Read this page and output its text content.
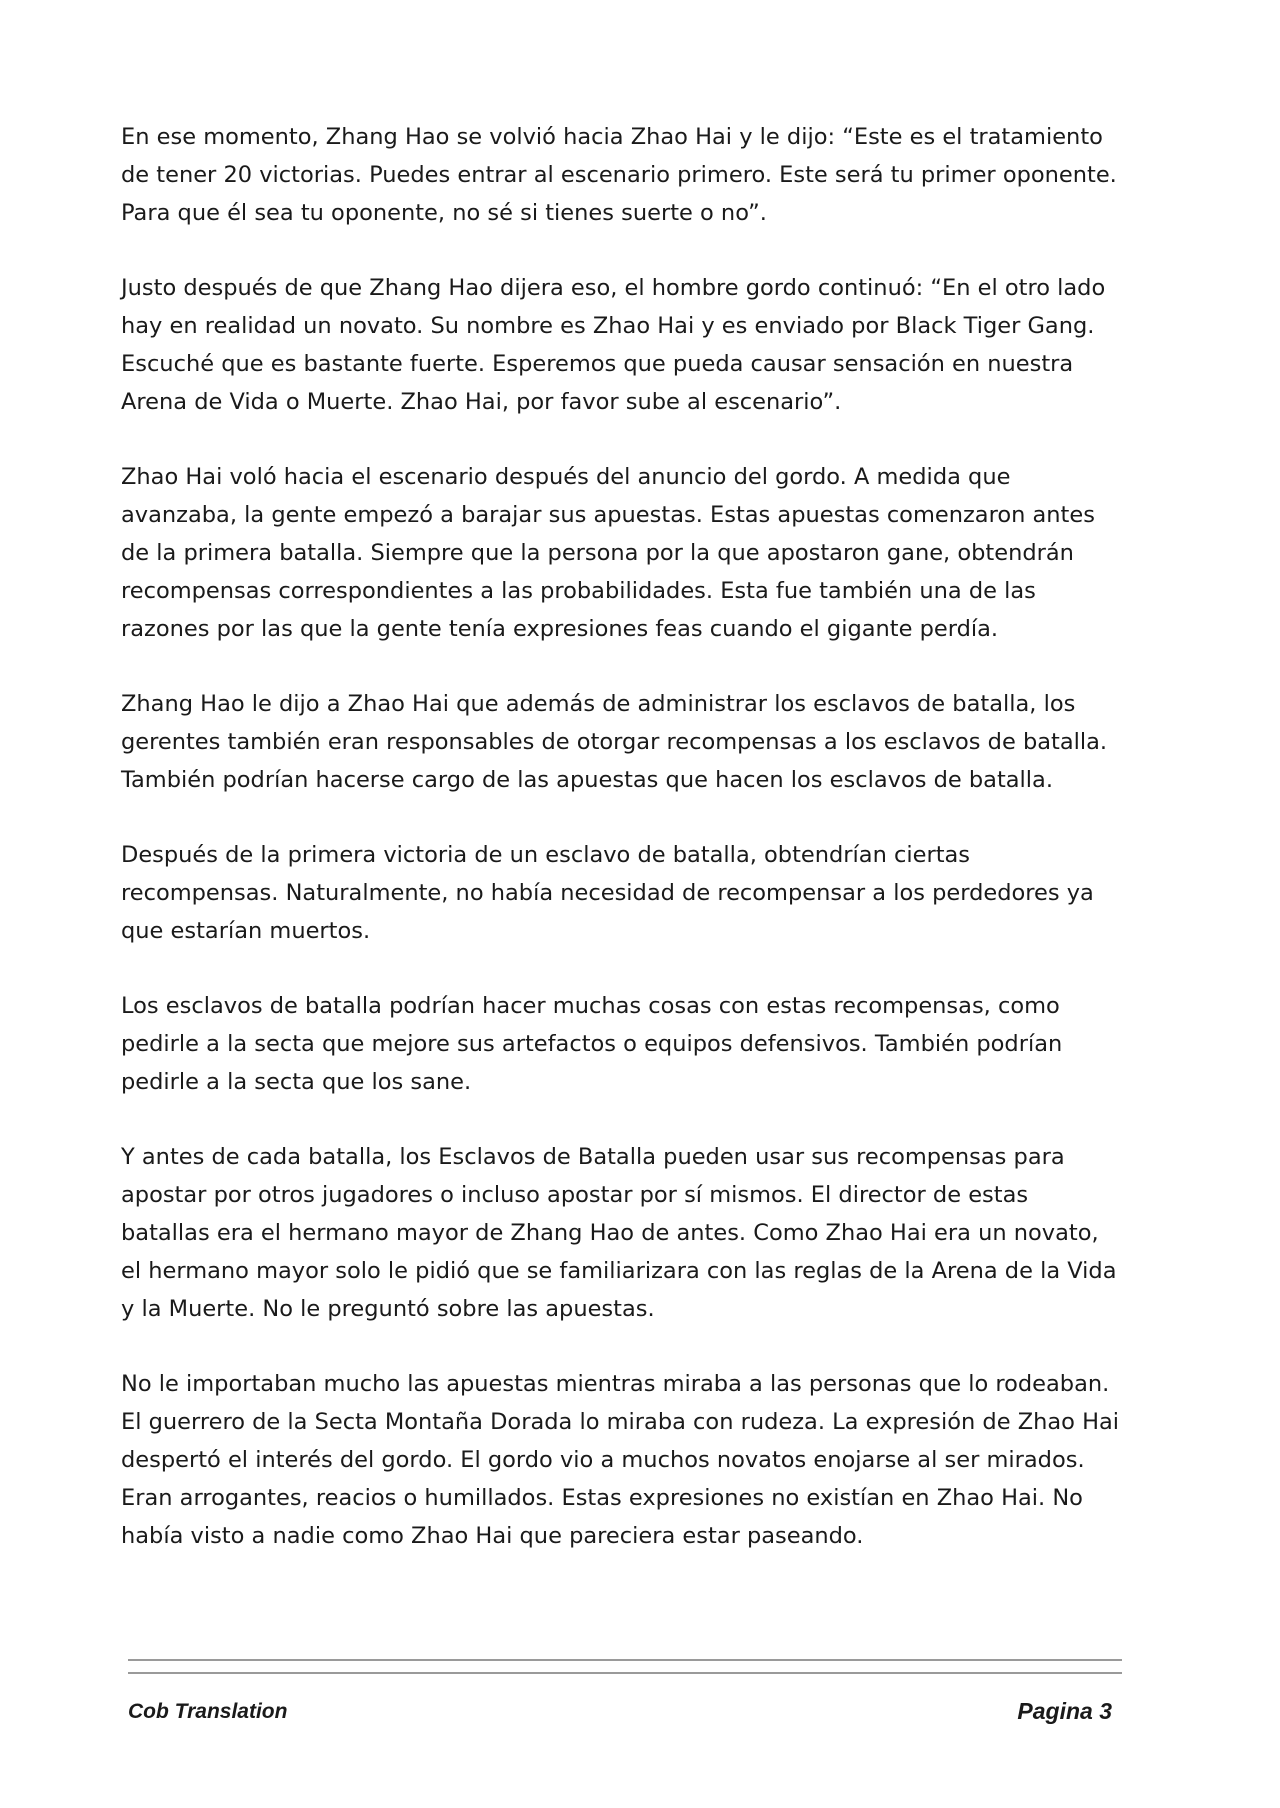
En ese momento, Zhang Hao se volvió hacia Zhao Hai y le dijo: “Este es el tratamiento de tener 20 victorias. Puedes entrar al escenario primero. Este será tu primer oponente. Para que él sea tu oponente, no sé si tienes suerte o no”.

Justo después de que Zhang Hao dijera eso, el hombre gordo continuó: “En el otro lado hay en realidad un novato. Su nombre es Zhao Hai y es enviado por Black Tiger Gang. Escuché que es bastante fuerte. Esperemos que pueda causar sensación en nuestra Arena de Vida o Muerte. Zhao Hai, por favor sube al escenario”.

Zhao Hai voló hacia el escenario después del anuncio del gordo. A medida que avanzaba, la gente empezó a barajar sus apuestas. Estas apuestas comenzaron antes de la primera batalla. Siempre que la persona por la que apostaron gane, obtendrán recompensas correspondientes a las probabilidades. Esta fue también una de las razones por las que la gente tenía expresiones feas cuando el gigante perdía.

Zhang Hao le dijo a Zhao Hai que además de administrar los esclavos de batalla, los gerentes también eran responsables de otorgar recompensas a los esclavos de batalla. También podrían hacerse cargo de las apuestas que hacen los esclavos de batalla.

Después de la primera victoria de un esclavo de batalla, obtendrían ciertas recompensas. Naturalmente, no había necesidad de recompensar a los perdedores ya que estarían muertos.

Los esclavos de batalla podrían hacer muchas cosas con estas recompensas, como pedirle a la secta que mejore sus artefactos o equipos defensivos. También podrían pedirle a la secta que los sane.

Y antes de cada batalla, los Esclavos de Batalla pueden usar sus recompensas para apostar por otros jugadores o incluso apostar por sí mismos. El director de estas batallas era el hermano mayor de Zhang Hao de antes. Como Zhao Hai era un novato, el hermano mayor solo le pidió que se familiarizara con las reglas de la Arena de la Vida y la Muerte. No le preguntó sobre las apuestas.

No le importaban mucho las apuestas mientras miraba a las personas que lo rodeaban. El guerrero de la Secta Montaña Dorada lo miraba con rudeza. La expresión de Zhao Hai despertó el interés del gordo. El gordo vio a muchos novatos enojarse al ser mirados. Eran arrogantes, reacios o humillados. Estas expresiones no existían en Zhao Hai. No había visto a nadie como Zhao Hai que pareciera estar paseando.

Cob Translation	Pagina 3
